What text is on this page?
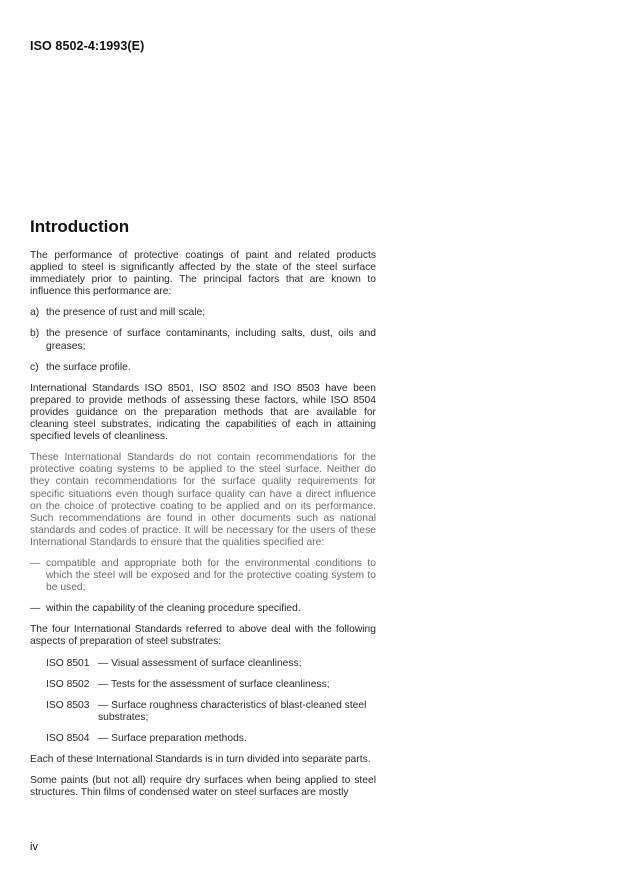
ISO 8502-4:1993(E)
Introduction

The performance of protective coatings of paint and related products applied to steel is significantly affected by the state of the steel surface immediately prior to painting. The principal factors that are known to influence this performance are:

a) the presence of rust and mill scale;
b) the presence of surface contaminants, including salts, dust, oils and greases;
c) the surface profile.

International Standards ISO 8501, ISO 8502 and ISO 8503 have been prepared to provide methods of assessing these factors, while ISO 8504 provides guidance on the preparation methods that are available for cleaning steel substrates, indicating the capabilities of each in attaining specified levels of cleanliness.

These International Standards do not contain recommendations for the protective coating systems to be applied to the steel surface. Neither do they contain recommendations for the surface quality requirements for specific situations even though surface quality can have a direct influence on the choice of protective coating to be applied and on its performance. Such recommendations are found in other documents such as national standards and codes of practice. It will be necessary for the users of these International Standards to ensure that the qualities specified are:

— compatible and appropriate both for the environmental conditions to which the steel will be exposed and for the protective coating system to be used;
— within the capability of the cleaning procedure specified.

The four International Standards referred to above deal with the following aspects of preparation of steel substrates:

ISO 8501 — Visual assessment of surface cleanliness;
ISO 8502 — Tests for the assessment of surface cleanliness;
ISO 8503 — Surface roughness characteristics of blast-cleaned steel substrates;
ISO 8504 — Surface preparation methods.

Each of these International Standards is in turn divided into separate parts.

Some paints (but not all) require dry surfaces when being applied to steel structures. Thin films of condensed water on steel surfaces are mostly

iv
